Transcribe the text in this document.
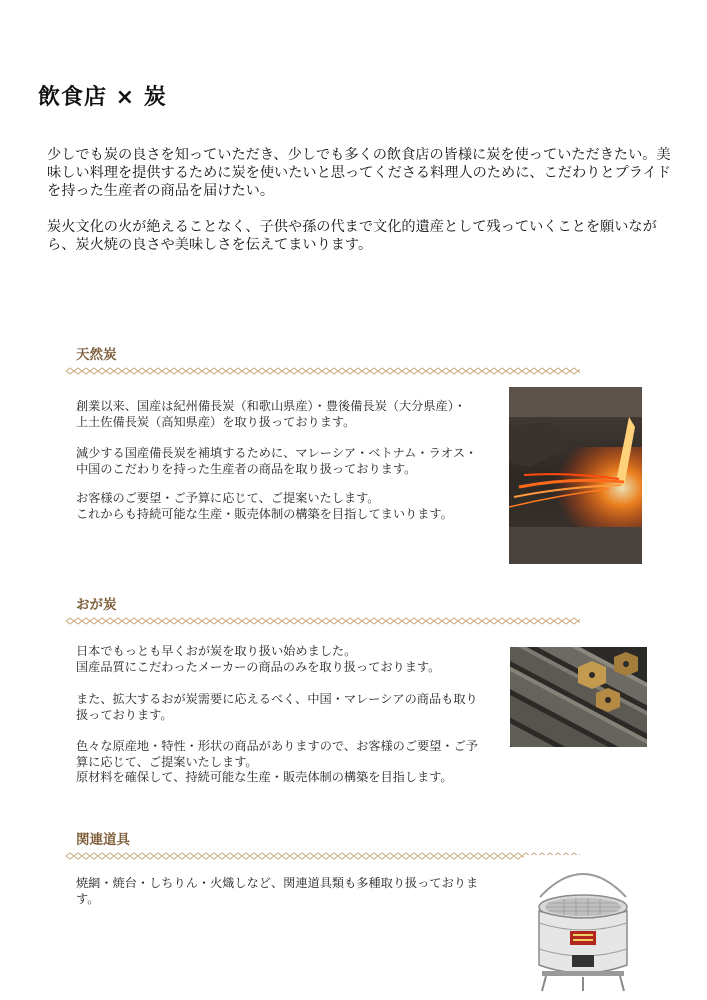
飲食店 × 炭

少しでも炭の良さを知っていただき、少しでも多くの飲食店の皆様に炭を使っていただきたい。美味しい料理を提供するために炭を使いたいと思ってくださる料理人のために、こだわりとプライドを持った生産者の商品を届けたい。

炭火文化の火が絶えることなく、子供や孫の代まで文化的遺産として残っていくことを願いながら、炭火焼の良さや美味しさを伝えてまいります。

天然炭

創業以来、国産は紀州備長炭（和歌山県産）・豊後備長炭（大分県産）・上土佐備長炭（高知県産）を取り扱っております。

減少する国産備長炭を補填するために、マレーシア・ベトナム・ラオス・中国のこだわりを持った生産者の商品を取り扱っております。

お客様のご要望・ご予算に応じて、ご提案いたします。
これからも持続可能な生産・販売体制の構築を目指してまいります。

おが炭

日本でもっとも早くおが炭を取り扱い始めました。
国産品質にこだわったメーカーの商品のみを取り扱っております。

また、拡大するおが炭需要に応えるべく、中国・マレーシアの商品も取り扱っております。

色々な原産地・特性・形状の商品がありますので、お客様のご要望・ご予算に応じて、ご提案いたします。
原材料を確保して、持続可能な生産・販売体制の構築を目指します。

関連道具

焼網・焼台・しちりん・火熾しなど、関連道具類も多種取り扱っております。
